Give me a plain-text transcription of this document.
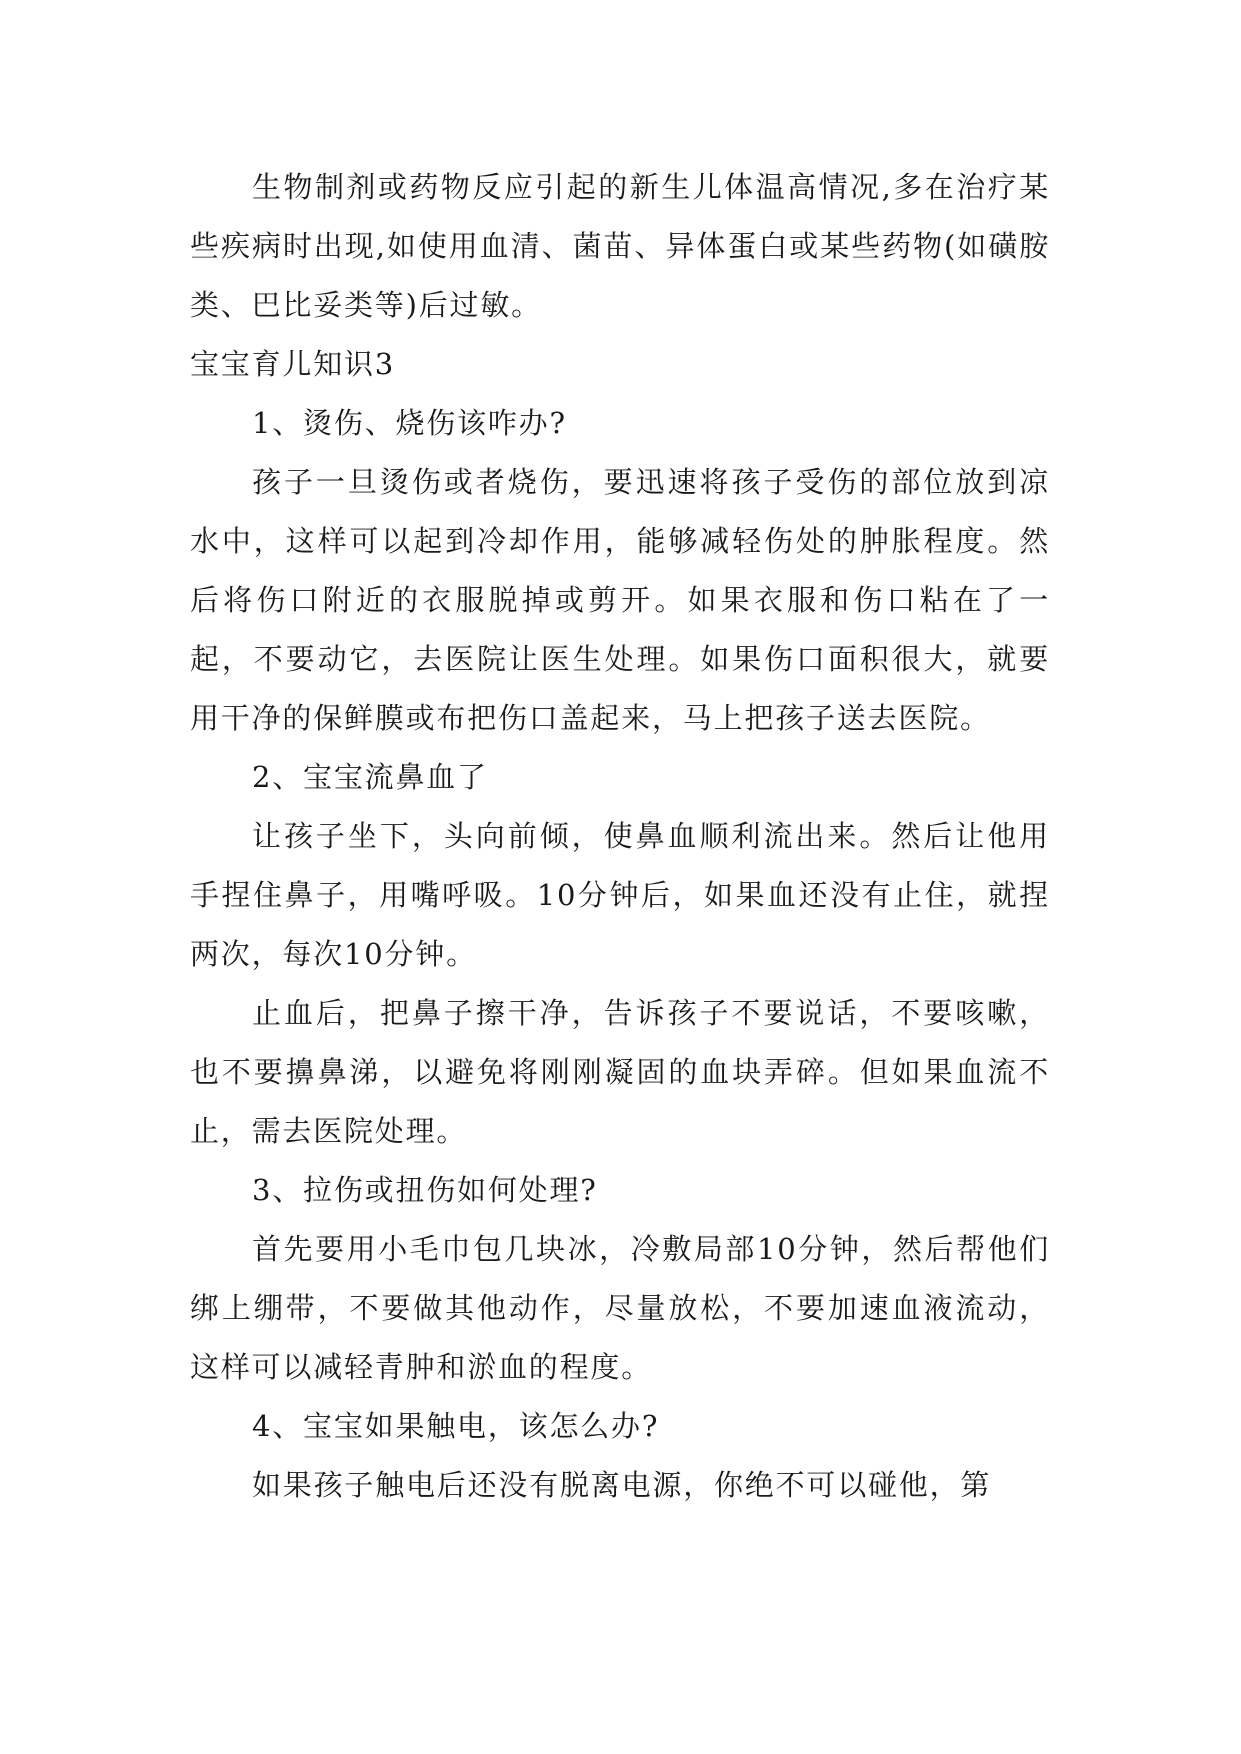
生物制剂或药物反应引起的新生儿体温高情况,多在治疗某些疾病时出现,如使用血清、菌苗、异体蛋白或某些药物(如磺胺类、巴比妥类等)后过敏。

宝宝育儿知识3

1、烫伤、烧伤该咋办?

孩子一旦烫伤或者烧伤，要迅速将孩子受伤的部位放到凉水中，这样可以起到冷却作用，能够减轻伤处的肿胀程度。然后将伤口附近的衣服脱掉或剪开。如果衣服和伤口粘在了一起，不要动它，去医院让医生处理。如果伤口面积很大，就要用干净的保鲜膜或布把伤口盖起来，马上把孩子送去医院。

2、宝宝流鼻血了

让孩子坐下，头向前倾，使鼻血顺利流出来。然后让他用手捏住鼻子，用嘴呼吸。10分钟后，如果血还没有止住，就捏两次，每次10分钟。

止血后，把鼻子擦干净，告诉孩子不要说话，不要咳嗽，也不要擤鼻涕，以避免将刚刚凝固的血块弄碎。但如果血流不止，需去医院处理。

3、拉伤或扭伤如何处理?

首先要用小毛巾包几块冰，冷敷局部10分钟，然后帮他们绑上绷带，不要做其他动作，尽量放松，不要加速血液流动，这样可以减轻青肿和淤血的程度。

4、宝宝如果触电，该怎么办?

如果孩子触电后还没有脱离电源，你绝不可以碰他，第
